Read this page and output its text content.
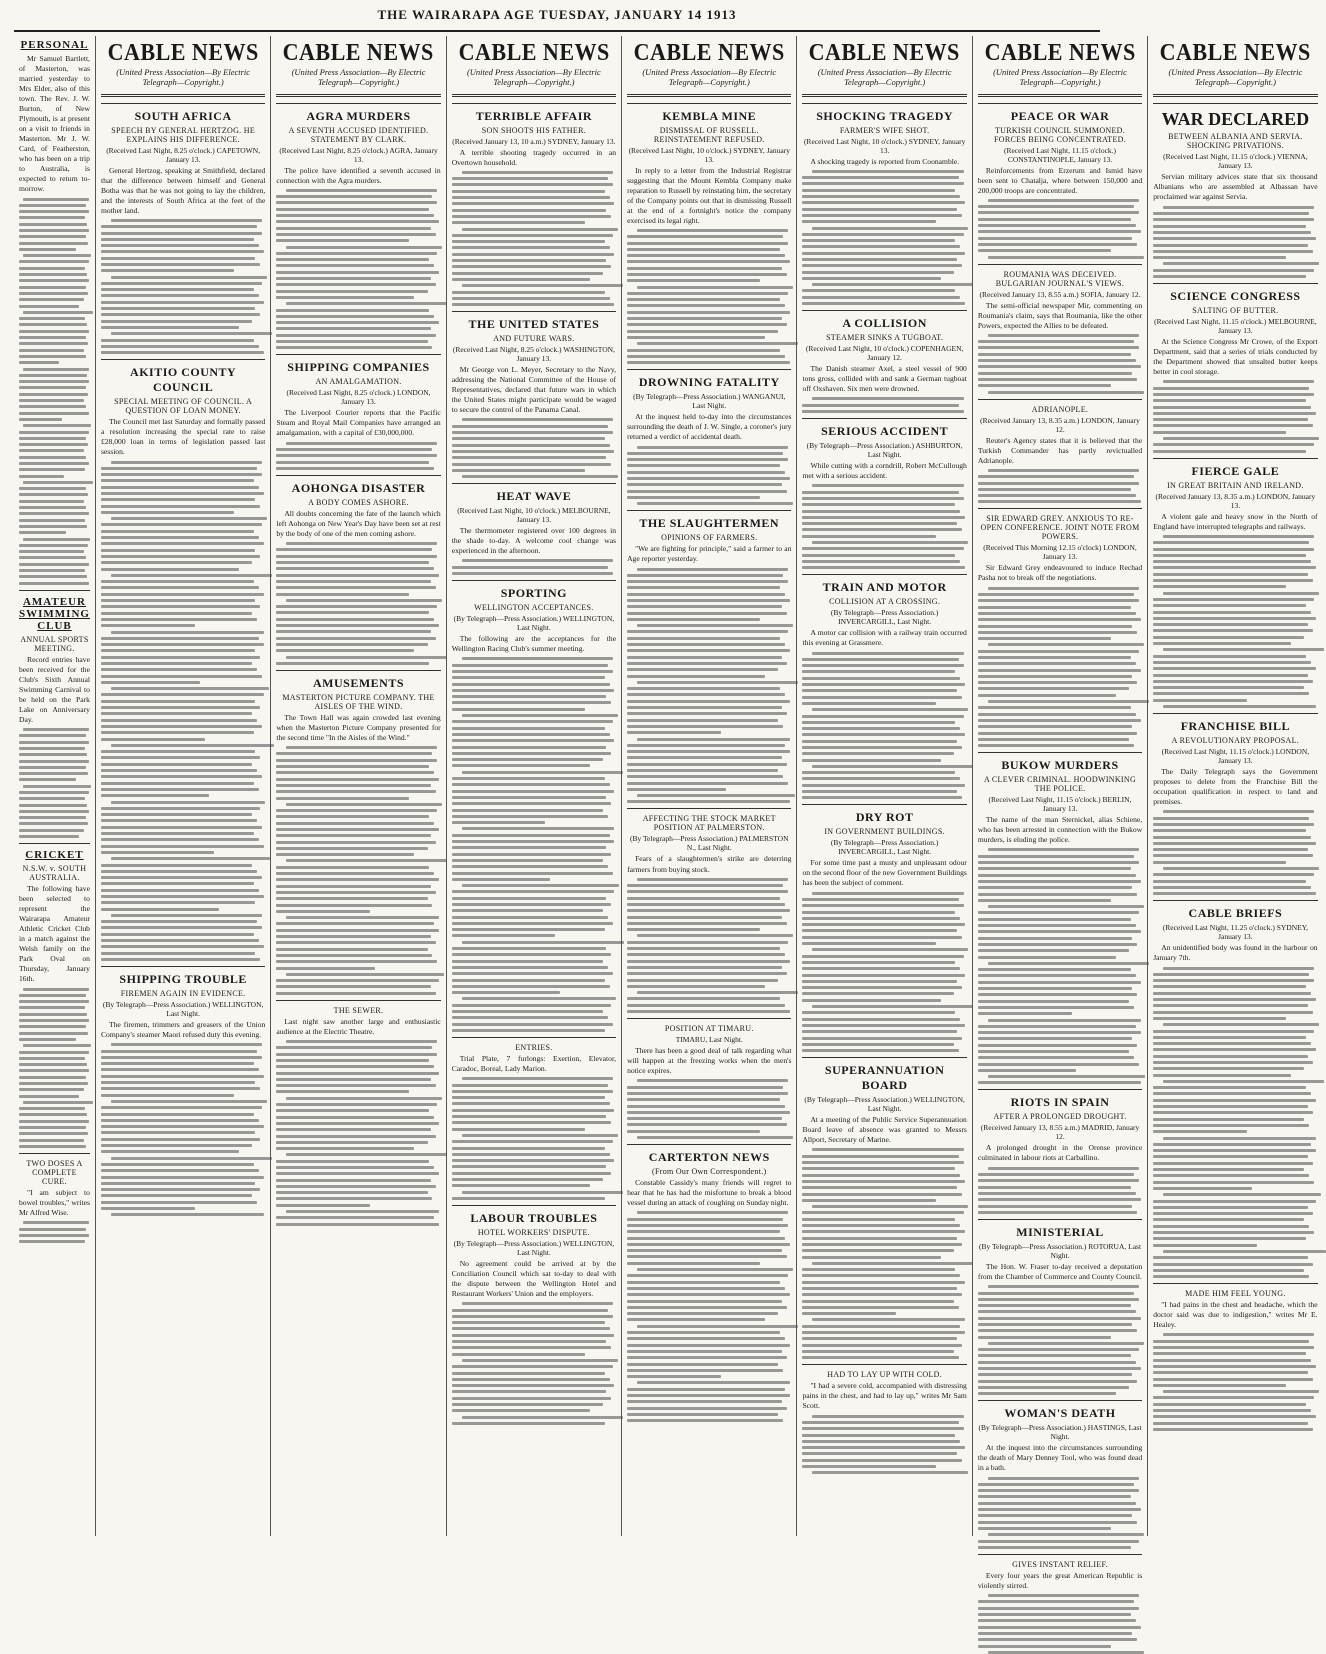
THE WAIRARAPA AGE TUESDAY, JANUARY 14 1913
PERSONAL

Mr Samuel Bartlett, of Masterton, was married yesterday to Mrs Elder, also of this town. The Rev. J. W. Burton, of New Plymouth, is at present on a visit to friends in Masterton. Mr J. W. Card, of Featherston, who has been on a trip to Australia, is expected to return to-morrow.

AMATEUR SWIMMING CLUB
ANNUAL SPORTS MEETING.

Record entries have been received for the Club's Sixth Annual Swimming Carnival to be held on the Park Lake on Anniversary Day.

CRICKET
N.S.W. v. SOUTH AUSTRALIA.

The following have been selected to represent the Wairarapa Amateur Athletic Cricket Club in a match against the Welsh family on the Park Oval on Thursday, January 16th.

TWO DOSES A COMPLETE CURE.

"I am subject to bowel troubles," writes Mr Alfred Wise.

CABLE NEWS
(United Press Association—By Electric Telegraph—Copyright.)
SOUTH AFRICA
SPEECH BY GENERAL HERTZOG. HE EXPLAINS HIS DIFFERENCE.
(Received Last Night, 8.25 o'clock.) CAPETOWN, January 13.

General Hertzog, speaking at Smithfield, declared that the difference between himself and General Botha was that he was not going to lay the children, and the interests of South Africa at the feet of the mother land.

AKITIO COUNTY COUNCIL
SPECIAL MEETING OF COUNCIL. A QUESTION OF LOAN MONEY.

The Council met last Saturday and formally passed a resolution increasing the special rate to raise £28,000 loan in terms of legislation passed last session.

SHIPPING TROUBLE
FIREMEN AGAIN IN EVIDENCE.
(By Telegraph—Press Association.) WELLINGTON, Last Night.

The firemen, trimmers and greasers of the Union Company's steamer Maori refused duty this evening.

CABLE NEWS
(United Press Association—By Electric Telegraph—Copyright.)
AGRA MURDERS
A SEVENTH ACCUSED IDENTIFIED. STATEMENT BY CLARK.
(Received Last Night, 8.25 o'clock.) AGRA, January 13.

The police have identified a seventh accused in connection with the Agra murders.

SHIPPING COMPANIES
AN AMALGAMATION.
(Received Last Night, 8.25 o'clock.) LONDON, January 13.

The Liverpool Courier reports that the Pacific Steam and Royal Mail Companies have arranged an amalgamation, with a capital of £30,000,000.

AOHONGA DISASTER
A BODY COMES ASHORE.

All doubts concerning the fate of the launch which left Aohonga on New Year's Day have been set at rest by the body of one of the men coming ashore.

AMUSEMENTS
MASTERTON PICTURE COMPANY. THE AISLES OF THE WIND.

The Town Hall was again crowded last evening when the Masterton Picture Company presented for the second time "In the Aisles of the Wind."

THE SEWER.

Last night saw another large and enthusiastic audience at the Electric Theatre.

CABLE NEWS
(United Press Association—By Electric Telegraph—Copyright.)
TERRIBLE AFFAIR
SON SHOOTS HIS FATHER.
(Received January 13, 10 a.m.) SYDNEY, January 13.

A terrible shooting tragedy occurred in an Overtown household.

THE UNITED STATES
AND FUTURE WARS.
(Received Last Night, 8.25 o'clock.) WASHINGTON, January 13.

Mr George von L. Meyer, Secretary to the Navy, addressing the National Committee of the House of Representatives, declared that future wars in which the United States might participate would be waged to secure the control of the Panama Canal.

HEAT WAVE
(Received Last Night, 10 o'clock.) MELBOURNE, January 13.

The thermometer registered over 100 degrees in the shade to-day. A welcome cool change was experienced in the afternoon.

SPORTING
WELLINGTON ACCEPTANCES.
(By Telegraph—Press Association.) WELLINGTON, Last Night.

The following are the acceptances for the Wellington Racing Club's summer meeting.

ENTRIES.

Trial Plate, 7 furlongs: Exertion, Elevator, Caradoc, Boreal, Lady Marion.

LABOUR TROUBLES
HOTEL WORKERS' DISPUTE.
(By Telegraph—Press Association.) WELLINGTON, Last Night.

No agreement could be arrived at by the Conciliation Council which sat to-day to deal with the dispute between the Wellington Hotel and Restaurant Workers' Union and the employers.

CABLE NEWS
(United Press Association—By Electric Telegraph—Copyright.)
KEMBLA MINE
DISMISSAL OF RUSSELL. REINSTATEMENT REFUSED.
(Received Last Night, 10 o'clock.) SYDNEY, January 13.

In reply to a letter from the Industrial Registrar suggesting that the Mount Kembla Company make reparation to Russell by reinstating him, the secretary of the Company points out that in dismissing Russell at the end of a fortnight's notice the company exercised its legal right.

DROWNING FATALITY
(By Telegraph—Press Association.) WANGANUI, Last Night.

At the inquest held to-day into the circumstances surrounding the death of J. W. Single, a coroner's jury returned a verdict of accidental death.

THE SLAUGHTERMEN
OPINIONS OF FARMERS.

"We are fighting for principle," said a farmer to an Age reporter yesterday.

AFFECTING THE STOCK MARKET POSITION AT PALMERSTON.
(By Telegraph—Press Association.) PALMERSTON N., Last Night.

Fears of a slaughtermen's strike are deterring farmers from buying stock.

POSITION AT TIMARU.
TIMARU, Last Night.

There has been a good deal of talk regarding what will happen at the freezing works when the men's notice expires.

CARTERTON NEWS
(From Our Own Correspondent.)

Constable Cassidy's many friends will regret to hear that he has had the misfortune to break a blood vessel during an attack of coughing on Sunday night.

CABLE NEWS
(United Press Association—By Electric Telegraph—Copyright.)
SHOCKING TRAGEDY
FARMER'S WIFE SHOT.
(Received Last Night, 10 o'clock.) SYDNEY, January 13.

A shocking tragedy is reported from Coonamble.

A COLLISION
STEAMER SINKS A TUGBOAT.
(Received Last Night, 10 o'clock.) COPENHAGEN, January 12.

The Danish steamer Axel, a steel vessel of 900 tons gross, collided with and sank a German tugboat off Oxshaven. Six men were drowned.

SERIOUS ACCIDENT
(By Telegraph—Press Association.) ASHBURTON, Last Night.

While cutting with a corndrill, Robert McCullough met with a serious accident.

TRAIN AND MOTOR
COLLISION AT A CROSSING.
(By Telegraph—Press Association.) INVERCARGILL, Last Night.

A motor car collision with a railway train occurred this evening at Grassmere.

DRY ROT
IN GOVERNMENT BUILDINGS.
(By Telegraph—Press Association.) INVERCARGILL, Last Night.

For some time past a musty and unpleasant odour on the second floor of the new Government Buildings has been the subject of comment.

SUPERANNUATION BOARD
(By Telegraph—Press Association.) WELLINGTON, Last Night.

At a meeting of the Public Service Superannuation Board leave of absence was granted to Messrs Allport, Secretary of Marine.

HAD TO LAY UP WITH COLD.

"I had a severe cold, accompanied with distressing pains in the chest, and had to lay up," writes Mr Sam Scott.

CABLE NEWS
(United Press Association—By Electric Telegraph—Copyright.)
PEACE OR WAR
TURKISH COUNCIL SUMMONED. FORCES BEING CONCENTRATED.
(Received Last Night, 11.15 o'clock.) CONSTANTINOPLE, January 13.

Reinforcements from Erzerum and Ismid have been sent to Chatalja, where between 150,000 and 200,000 troops are concentrated.

ROUMANIA WAS DECEIVED. BULGARIAN JOURNAL'S VIEWS.
(Received January 13, 8.55 a.m.) SOFIA, January 12.

The semi-official newspaper Mir, commenting on Roumania's claim, says that Roumania, like the other Powers, expected the Allies to be defeated.

ADRIANOPLE.
(Received January 13, 8.35 a.m.) LONDON, January 12.

Reuter's Agency states that it is believed that the Turkish Commander has partly revictualled Adrianople.

SIR EDWARD GREY. ANXIOUS TO RE-OPEN CONFERENCE. JOINT NOTE FROM POWERS.
(Received This Morning 12.15 o'clock) LONDON, January 13.

Sir Edward Grey endeavoured to induce Rechad Pasha not to break off the negotiations.

BUKOW MURDERS
A CLEVER CRIMINAL. HOODWINKING THE POLICE.
(Received Last Night, 11.15 o'clock.) BERLIN, January 13.

The name of the man Sternickel, alias Schiene, who has been arrested in connection with the Bukow murders, is eluding the police.

RIOTS IN SPAIN
AFTER A PROLONGED DROUGHT.
(Received January 13, 8.55 a.m.) MADRID, January 12.

A prolonged drought in the Orense province culminated in labour riots at Carballino.

MINISTERIAL
(By Telegraph—Press Association.) ROTORUA, Last Night.

The Hon. W. Fraser to-day received a deputation from the Chamber of Commerce and County Council.

WOMAN'S DEATH
(By Telegraph—Press Association.) HASTINGS, Last Night.

At the inquest into the circumstances surrounding the death of Mary Denney Tool, who was found dead in a bath.

GIVES INSTANT RELIEF.

Every four years the great American Republic is violently stirred.

CABLE NEWS
(United Press Association—By Electric Telegraph—Copyright.)
WAR DECLARED
BETWEEN ALBANIA AND SERVIA. SHOCKING PRIVATIONS.
(Received Last Night, 11.15 o'clock.) VIENNA, January 13.

Servian military advices state that six thousand Albanians who are assembled at Albassan have proclaimed war against Servia.

SCIENCE CONGRESS
SALTING OF BUTTER.
(Received Last Night, 11.15 o'clock.) MELBOURNE, January 13.

At the Science Congress Mr Crowe, of the Export Department, said that a series of trials conducted by the Department showed that unsalted butter keeps better in cool storage.

FIERCE GALE
IN GREAT BRITAIN AND IRELAND.
(Received January 13, 8.35 a.m.) LONDON, January 13.

A violent gale and heavy snow in the North of England have interrupted telegraphs and railways.

FRANCHISE BILL
A REVOLUTIONARY PROPOSAL.
(Received Last Night, 11.15 o'clock.) LONDON, January 13.

The Daily Telegraph says the Government proposes to delete from the Franchise Bill the occupation qualification in respect to land and premises.

CABLE BRIEFS
(Received Last Night, 11.25 o'clock.) SYDNEY, January 13.

An unidentified body was found in the harbour on January 7th.

MADE HIM FEEL YOUNG.

"I had pains in the chest and headache, which the doctor said was due to indigestion," writes Mr E. Healey.
